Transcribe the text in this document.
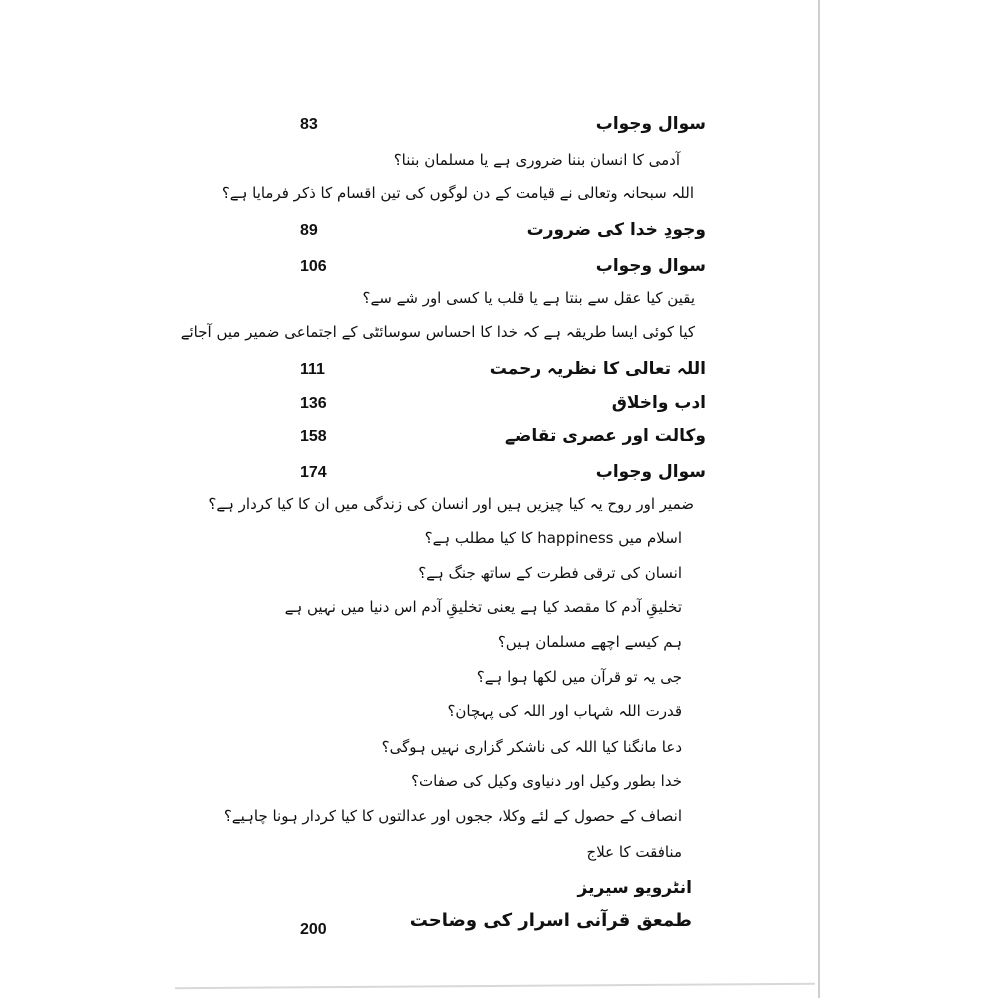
سوال وجواب
83
آدمی کا انسان بننا ضروری ہے یا مسلمان بننا؟
اللہ سبحانہ وتعالی نے قیامت کے دن لوگوں کی تین اقسام کا ذکر فرمایا ہے؟
وجودِ خدا کی ضرورت
89
سوال وجواب
106
یقین کیا عقل سے بنتا ہے یا قلب یا کسی اور شے سے؟
کیا کوئی ایسا طریقہ ہے کہ خدا کا احساس سوسائٹی کے اجتماعی ضمیر میں آجائے
اللہ تعالی کا نظریہ رحمت
111
ادب واخلاق
136
وکالت اور عصری تقاضے
158
سوال وجواب
174
ضمیر اور روح یہ کیا چیزیں ہیں اور انسان کی زندگی میں ان کا کیا کردار ہے؟
اسلام میں happiness کا کیا مطلب ہے؟
انسان کی ترقی فطرت کے ساتھ جنگ ہے؟
تخلیقِ آدم کا مقصد کیا ہے یعنی تخلیقِ آدم اس دنیا میں نہیں ہے
ہم کیسے اچھے مسلمان ہیں؟
جی یہ تو قرآن میں لکھا ہوا ہے؟
قدرت اللہ شہاب اور اللہ کی پہچان؟
دعا مانگنا کیا اللہ کی ناشکر گزاری نہیں ہوگی؟
خدا بطور وکیل اور دنیاوی وکیل کی صفات؟
انصاف کے حصول کے لئے وکلا، ججوں اور عدالتوں کا کیا کردار ہونا چاہیے؟
منافقت کا علاج
انٹرویو سیریز
طمعق قرآنی اسرار کی وضاحت
200
